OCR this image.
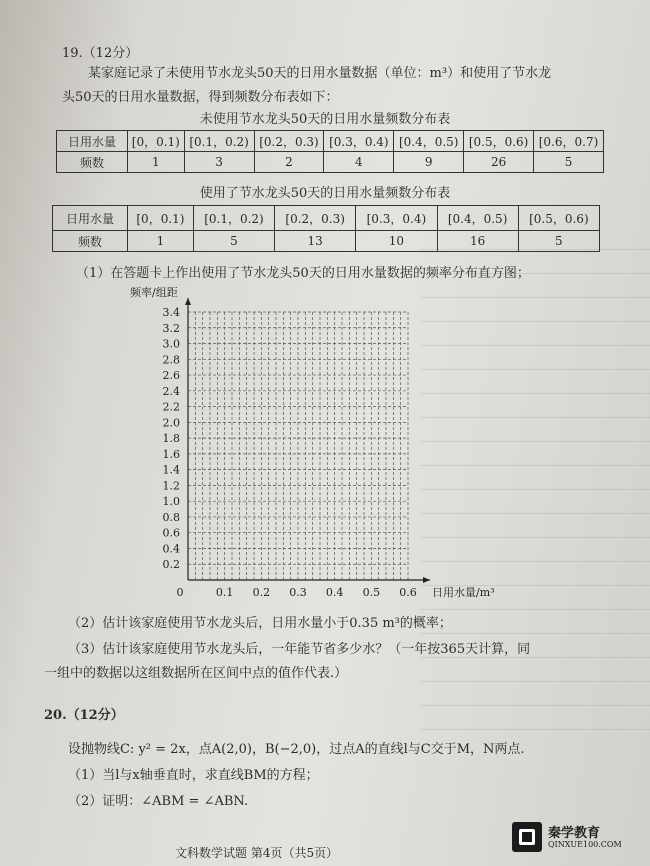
19.（12分）
某家庭记录了未使用节水龙头50天的日用水量数据（单位：m³）和使用了节水龙
头50天的日用水量数据，得到频数分布表如下：
未使用节水龙头50天的日用水量频数分布表
日用水量	[0，0.1)	[0.1，0.2)	[0.2，0.3)	[0.3，0.4)	[0.4，0.5)	[0.5，0.6)	[0.6，0.7)
频数	1	3	2	4	9	26	5
使用了节水龙头50天的日用水量频数分布表
日用水量	[0，0.1)	[0.1，0.2)	[0.2，0.3)	[0.3，0.4)	[0.4，0.5)	[0.5，0.6)
频数	1	5	13	10	16	5
（1）在答题卡上作出使用了节水龙头50天的日用水量数据的频率分布直方图；
0.2
0.4
0.6
0.8
1.0
1.2
1.4
1.6
1.8
2.0
2.2
2.4
2.6
2.8
3.0
3.2
3.4
0	0.1 0.2 0.3 0.4 0.5 0.6
频率/组距
日用水量/m³
（2）估计该家庭使用节水龙头后，日用水量小于0.35 m³的概率；
（3）估计该家庭使用节水龙头后，一年能节省多少水？（一年按365天计算，同
一组中的数据以这组数据所在区间中点的值作代表.）
20.（12分）
设抛物线C: y² = 2x，点A(2,0)，B(−2,0)，过点A的直线l与C交于M，N两点.
（1）当l与x轴垂直时，求直线BM的方程；
（2）证明：∠ABM = ∠ABN.
文科数学试题 第4页（共5页）
秦学教育
QINXUE100.COM
